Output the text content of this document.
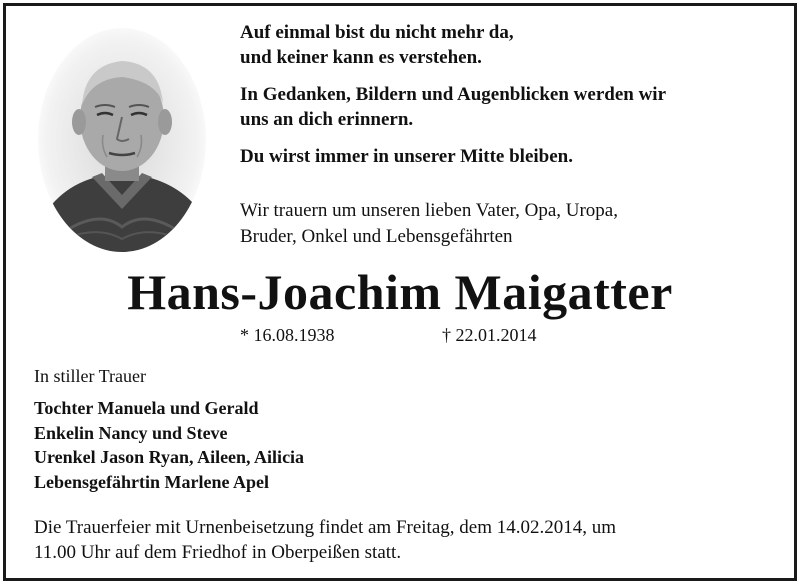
Auf einmal bist du nicht mehr da,
und keiner kann es verstehen.

In Gedanken, Bildern und Augenblicken werden wir
uns an dich erinnern.

Du wirst immer in unserer Mitte bleiben.

Wir trauern um unseren lieben Vater, Opa, Uropa,
Bruder, Onkel und Lebensgefährten
Hans-Joachim Maigatter
* 16.08.1938	† 22.01.2014
In stiller Trauer
Tochter Manuela und Gerald
Enkelin Nancy und Steve
Urenkel Jason Ryan, Aileen, Ailicia
Lebensgefährtin Marlene Apel
Die Trauerfeier mit Urnenbeisetzung findet am Freitag, dem 14.02.2014, um
11.00 Uhr auf dem Friedhof in Oberpeißen statt.
